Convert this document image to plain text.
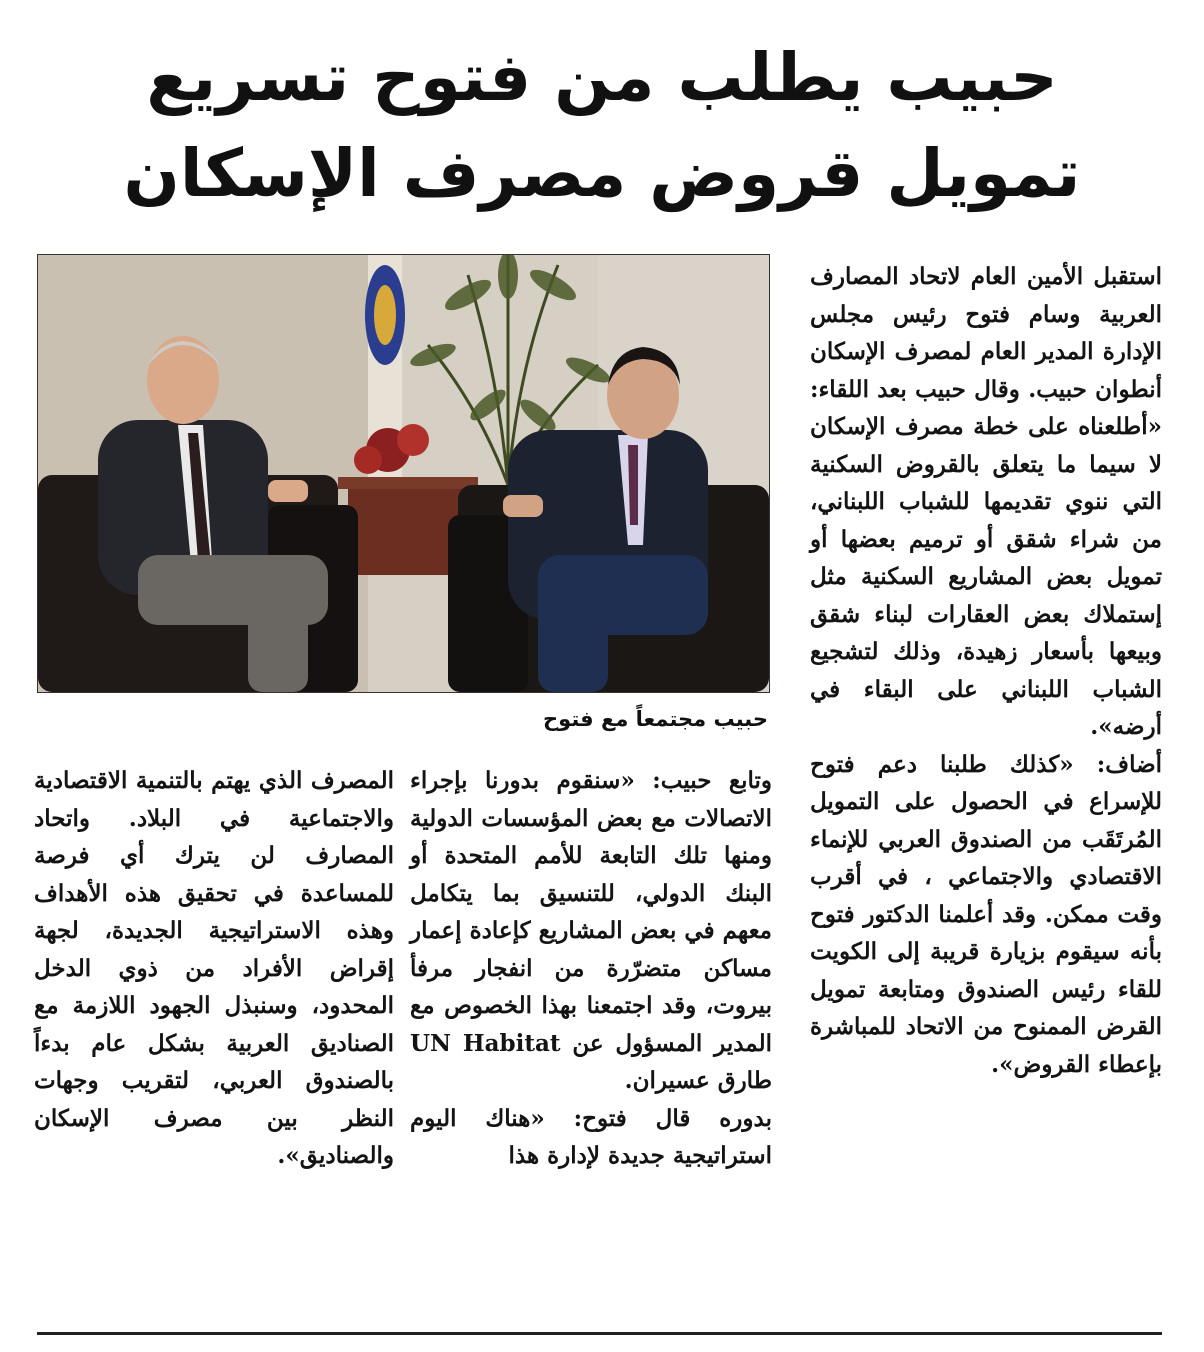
حبيب يطلب من فتوح تسريع
تمويل قروض مصرف الإسكان
حبيب مجتمعاً مع فتوح

استقبل الأمين العام لاتحاد المصارف العربية وسام فتوح رئيس مجلس الإدارة المدير العام لمصرف الإسكان أنطوان حبيب. وقال حبيب بعد اللقاء: «أطلعناه على خطة مصرف الإسكان لا سيما ما يتعلق بالقروض السكنية التي ننوي تقديمها للشباب اللبناني، من شراء شقق أو ترميم بعضها أو تمويل بعض المشاريع السكنية مثل إستملاك بعض العقارات لبناء شقق وبيعها بأسعار زهيدة، وذلك لتشجيع الشباب اللبناني على البقاء في أرضه».

أضاف: «كذلك طلبنا دعم فتوح للإسراع في الحصول على التمويل المُرتَقَب من الصندوق العربي للإنماء الاقتصادي والاجتماعي ، في أقرب وقت ممكن. وقد أعلمنا الدكتور فتوح بأنه سيقوم بزيارة قريبة إلى الكويت للقاء رئيس الصندوق ومتابعة تمويل القرض الممنوح من الاتحاد للمباشرة بإعطاء القروض».

وتابع حبيب: «سنقوم بدورنا بإجراء الاتصالات مع بعض المؤسسات الدولية ومنها تلك التابعة للأمم المتحدة أو البنك الدولي، للتنسيق بما يتكامل معهم في بعض المشاريع كإعادة إعمار مساكن متضرّرة من انفجار مرفأ بيروت، وقد اجتمعنا بهذا الخصوص مع المدير المسؤول عن UN Habitat طارق عسيران.

بدوره قال فتوح: «هناك اليوم استراتيجية جديدة لإدارة هذا

المصرف الذي يهتم بالتنمية الاقتصادية والاجتماعية في البلاد. واتحاد المصارف لن يترك أي فرصة للمساعدة في تحقيق هذه الأهداف وهذه الاستراتيجية الجديدة، لجهة إقراض الأفراد من ذوي الدخل المحدود، وسنبذل الجهود اللازمة مع الصناديق العربية بشكل عام بدءاً بالصندوق العربي، لتقريب وجهات النظر بين مصرف الإسكان والصناديق».
